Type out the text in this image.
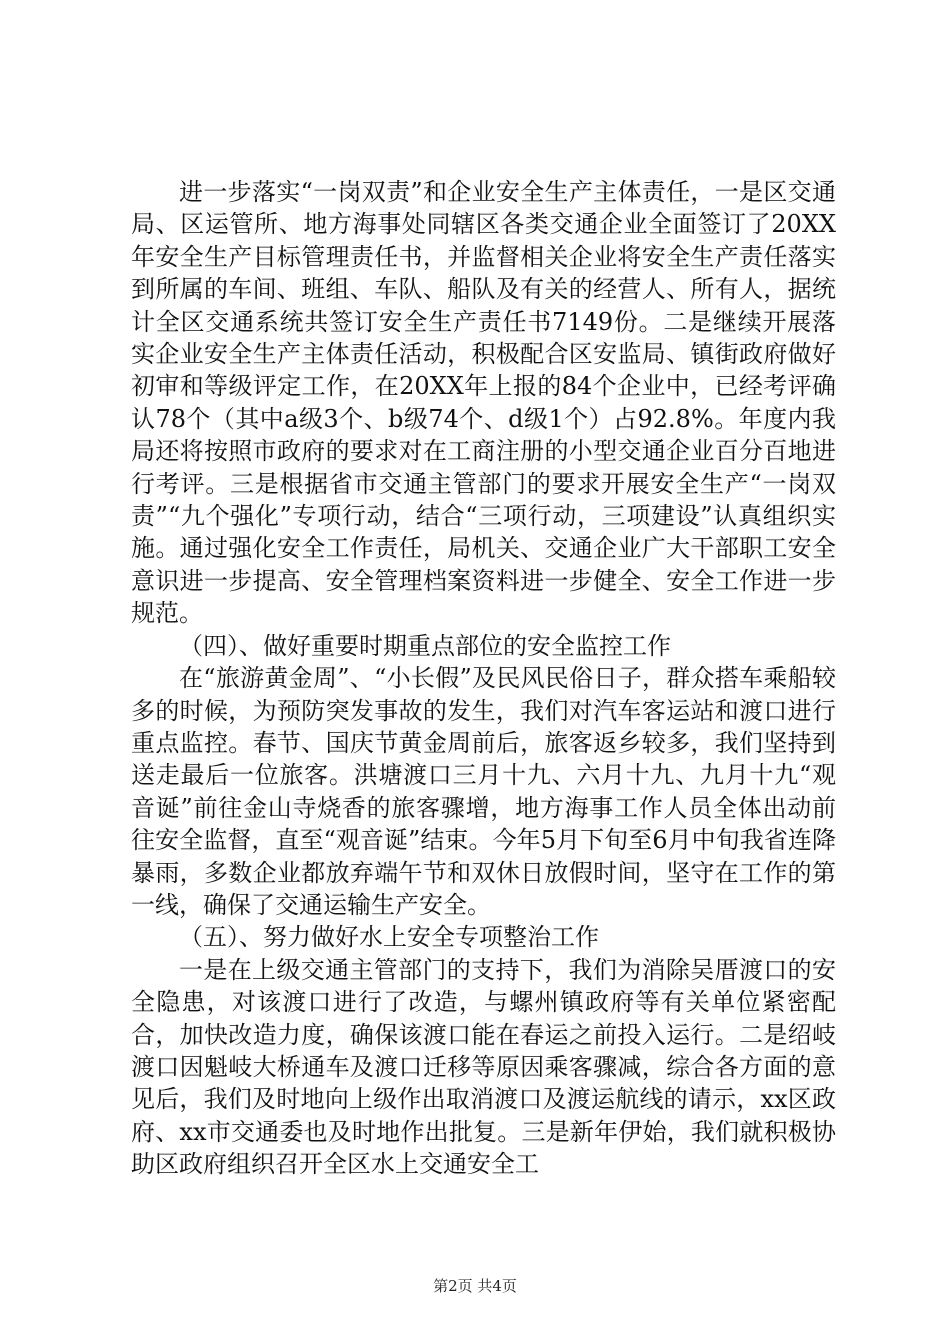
进一步落实“一岗双责”和企业安全生产主体责任，一是区交通局、区运管所、地方海事处同辖区各类交通企业全面签订了20XX年安全生产目标管理责任书，并监督相关企业将安全生产责任落实到所属的车间、班组、车队、船队及有关的经营人、所有人，据统计全区交通系统共签订安全生产责任书7149份。二是继续开展落实企业安全生产主体责任活动，积极配合区安监局、镇街政府做好初审和等级评定工作，在20XX年上报的84个企业中，已经考评确认78个（其中a级3个、b级74个、d级1个）占92.8%。年度内我局还将按照市政府的要求对在工商注册的小型交通企业百分百地进行考评。三是根据省市交通主管部门的要求开展安全生产“一岗双责”“九个强化”专项行动，结合“三项行动，三项建设”认真组织实施。通过强化安全工作责任，局机关、交通企业广大干部职工安全意识进一步提高、安全管理档案资料进一步健全、安全工作进一步规范。

（四）、做好重要时期重点部位的安全监控工作

在“旅游黄金周”、“小长假”及民风民俗日子，群众搭车乘船较多的时候，为预防突发事故的发生，我们对汽车客运站和渡口进行重点监控。春节、国庆节黄金周前后，旅客返乡较多，我们坚持到送走最后一位旅客。洪塘渡口三月十九、六月十九、九月十九“观音诞”前往金山寺烧香的旅客骤增，地方海事工作人员全体出动前往安全监督，直至“观音诞”结束。今年5月下旬至6月中旬我省连降暴雨，多数企业都放弃端午节和双休日放假时间，坚守在工作的第一线，确保了交通运输生产安全。

（五）、努力做好水上安全专项整治工作

一是在上级交通主管部门的支持下，我们为消除吴厝渡口的安全隐患，对该渡口进行了改造，与螺州镇政府等有关单位紧密配合，加快改造力度，确保该渡口能在春运之前投入运行。二是绍岐渡口因魁岐大桥通车及渡口迁移等原因乘客骤减，综合各方面的意见后，我们及时地向上级作出取消渡口及渡运航线的请示，xx区政府、xx市交通委也及时地作出批复。三是新年伊始，我们就积极协助区政府组织召开全区水上交通安全工

第2页 共4页
